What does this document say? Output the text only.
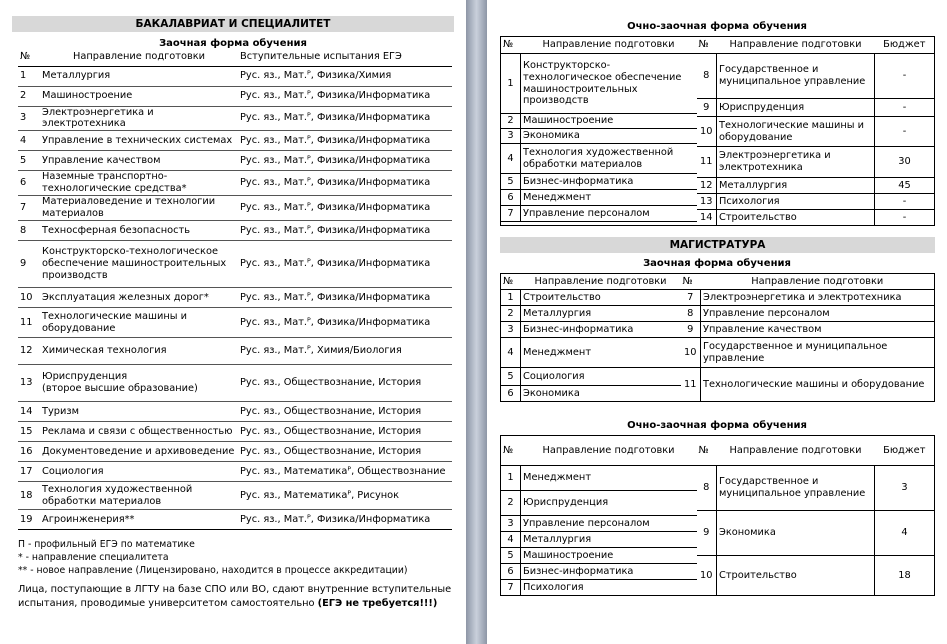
БАКАЛАВРИАТ И СПЕЦИАЛИТЕТ
Заочная форма обучения
№	Направление подготовки	Вступительные испытания ЕГЭ
1	Металлургия	Рус. яз., Мат.ᴾ, Физика/Химия
2	Машиностроение	Рус. яз., Мат.ᴾ, Физика/Информатика
3	Электроэнергетика и электротехника	Рус. яз., Мат.ᴾ, Физика/Информатика
4	Управление в технических системах	Рус. яз., Мат.ᴾ, Физика/Информатика
5	Управление качеством	Рус. яз., Мат.ᴾ, Физика/Информатика
6	Наземные транспортно-технологические средства*	Рус. яз., Мат.ᴾ, Физика/Информатика
7	Материаловедение и технологии материалов	Рус. яз., Мат.ᴾ, Физика/Информатика
8	Техносферная безопасность	Рус. яз., Мат.ᴾ, Физика/Информатика
9	Конструкторско-технологическое обеспечение машиностроительных производств	Рус. яз., Мат.ᴾ, Физика/Информатика
10	Эксплуатация железных дорог*	Рус. яз., Мат.ᴾ, Физика/Информатика
11	Технологические машины и оборудование	Рус. яз., Мат.ᴾ, Физика/Информатика
12	Химическая технология	Рус. яз., Мат.ᴾ, Химия/Биология
13	Юриспруденция
(второе высшие образование)	Рус. яз., Обществознание, История
14	Туризм	Рус. яз., Обществознание, История
15	Реклама и связи с общественностью	Рус. яз., Обществознание, История
16	Документоведение и архивоведение	Рус. яз., Обществознание, История
17	Социология	Рус. яз., Математикаᴾ, Обществознание
18	Технология художественной обработки материалов	Рус. яз., Математикаᴾ, Рисунок
19	Агроинженерия**	Рус. яз., Мат.ᴾ, Физика/Информатика
П - профильный ЕГЭ по математике
* - направление специалитета
** - новое направление (Лицензировано, находится в процессе аккредитации)
Лица, поступающие в ЛГТУ на базе СПО или ВО, сдают внутренние вступительные испытания, проводимые университетом самостоятельно (ЕГЭ не требуется!!!)
Очно-заочная форма обучения
№	Направление подготовки	№	Направление подготовки	Бюджет
1	Конструкторско-технологическое обеспечение машиностроительных производств	8	Государственное и муниципальное управление	-
		9	Юриспруденция	-
2	Машиностроение			
		10	Технологические машины и оборудование	-
3	Экономика			
4	Технология художественной обработки материалов			
		11	Электроэнергетика и электротехника	30
5	Бизнес-информатика			
		12	Металлургия	45
6	Менеджмент			
		13	Психология	-
7	Управление персоналом			
		14	Строительство	-

МАГИСТРАТУРА
Заочная форма обучения
№	Направление подготовки	№	Направление подготовки
1	Строительство	7	Электроэнергетика и электротехника
2	Металлургия	8	Управление персоналом
3	Бизнес-информатика	9	Управление качеством
4	Менеджмент	10	Государственное и муниципальное управление
5	Социология	11	Технологические машины и оборудование
6	Экономика		
Очно-заочная форма обучения
№	Направление подготовки	№	Направление подготовки	Бюджет
1	Менеджмент	8	Государственное и муниципальное управление	3
2	Юриспруденция			
		9	Экономика	4
3	Управление персоналом			
4	Металлургия			
5	Машиностроение			
		10	Строительство	18
6	Бизнес-информатика			
7	Психология			
